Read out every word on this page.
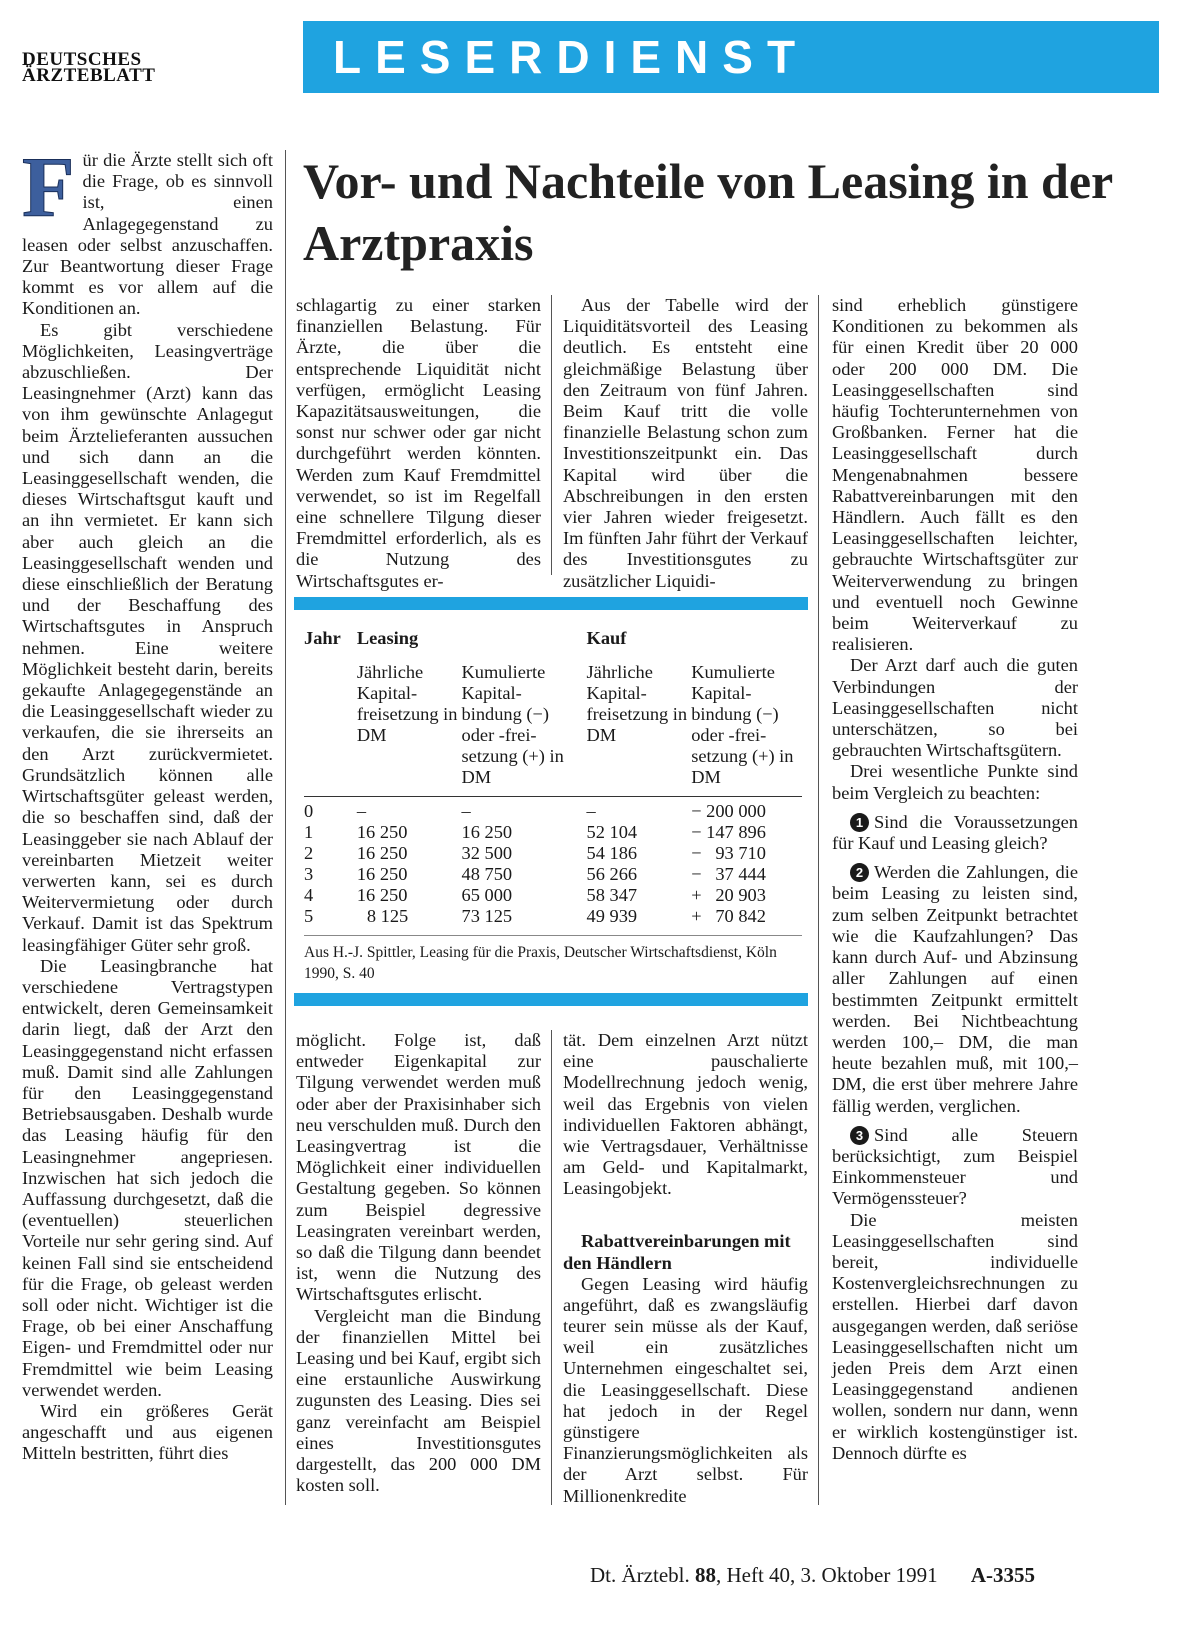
DEUTSCHES
ÄRZTEBLATT	LESERDIENST
Vor- und Nachteile von Leasing in der Arztpraxis

Für die Ärzte stellt sich oft die Frage, ob es sinnvoll ist, einen Anlagegegenstand zu leasen oder selbst anzuschaffen. Zur Beantwortung dieser Frage kommt es vor allem auf die Konditionen an.

Es gibt verschiedene Möglichkeiten, Leasingverträge abzuschließen. Der Leasingnehmer (Arzt) kann das von ihm gewünschte Anlagegut beim Ärztelieferanten aussuchen und sich dann an die Leasinggesellschaft wenden, die dieses Wirtschaftsgut kauft und an ihn vermietet. Er kann sich aber auch gleich an die Leasinggesellschaft wenden und diese einschließlich der Beratung und der Beschaffung des Wirtschaftsgutes in Anspruch nehmen. Eine weitere Möglichkeit besteht darin, bereits gekaufte Anlagegegenstände an die Leasinggesellschaft wieder zu verkaufen, die sie ihrerseits an den Arzt zurückvermietet. Grundsätzlich können alle Wirtschaftsgüter geleast werden, die so beschaffen sind, daß der Leasinggeber sie nach Ablauf der vereinbarten Mietzeit weiter verwerten kann, sei es durch Weitervermietung oder durch Verkauf. Damit ist das Spektrum leasingfähiger Güter sehr groß.

Die Leasingbranche hat verschiedene Vertragstypen entwickelt, deren Gemeinsamkeit darin liegt, daß der Arzt den Leasinggegenstand nicht erfassen muß. Damit sind alle Zahlungen für den Leasinggegenstand Betriebsausgaben. Deshalb wurde das Leasing häufig für den Leasingnehmer angepriesen. Inzwischen hat sich jedoch die Auffassung durchgesetzt, daß die (eventuellen) steuerlichen Vorteile nur sehr gering sind. Auf keinen Fall sind sie entscheidend für die Frage, ob geleast werden soll oder nicht. Wichtiger ist die Frage, ob bei einer Anschaffung Eigen- und Fremdmittel oder nur Fremdmittel wie beim Leasing verwendet werden.

Wird ein größeres Gerät angeschafft und aus eigenen Mitteln bestritten, führt dies

schlagartig zu einer starken finanziellen Belastung. Für Ärzte, die über die entsprechende Liquidität nicht verfügen, ermöglicht Leasing Kapazitätsausweitungen, die sonst nur schwer oder gar nicht durchgeführt werden könnten. Werden zum Kauf Fremdmittel verwendet, so ist im Regelfall eine schnellere Tilgung dieser Fremdmittel erforderlich, als es die Nutzung des Wirtschaftsgutes er-

Aus der Tabelle wird der Liquiditätsvorteil des Leasing deutlich. Es entsteht eine gleichmäßige Belastung über den Zeitraum von fünf Jahren. Beim Kauf tritt die volle finanzielle Belastung schon zum Investitionszeitpunkt ein. Das Kapital wird über die Abschreibungen in den ersten vier Jahren wieder freigesetzt. Im fünften Jahr führt der Verkauf des Investitionsgutes zu zusätzlicher Liquidi-

Jahr	Leasing		Kauf	
	Jährliche Kapital-freisetzung in DM	Kumulierte Kapital-bindung (−) oder -frei-setzung (+) in DM	Jährliche Kapital-freisetzung in DM	Kumulierte Kapital-bindung (−) oder -frei-setzung (+) in DM

0	–	–	–	− 200 000
1	16 250	16 250	52 104	− 147 896
2	16 250	32 500	54 186	−   93 710
3	16 250	48 750	56 266	−   37 444
4	16 250	65 000	58 347	+   20 903
5	8 125	73 125	49 939	+   70 842

Aus H.-J. Spittler, Leasing für die Praxis, Deutscher Wirtschaftsdienst, Köln 1990, S. 40				

möglicht. Folge ist, daß entweder Eigenkapital zur Tilgung verwendet werden muß oder aber der Praxisinhaber sich neu verschulden muß. Durch den Leasingvertrag ist die Möglichkeit einer individuellen Gestaltung gegeben. So können zum Beispiel degressive Leasingraten vereinbart werden, so daß die Tilgung dann beendet ist, wenn die Nutzung des Wirtschaftsgutes erlischt.

Vergleicht man die Bindung der finanziellen Mittel bei Leasing und bei Kauf, ergibt sich eine erstaunliche Auswirkung zugunsten des Leasing. Dies sei ganz vereinfacht am Beispiel eines Investitionsgutes dargestellt, das 200 000 DM kosten soll.

tät. Dem einzelnen Arzt nützt eine pauschalierte Modellrechnung jedoch wenig, weil das Ergebnis von vielen individuellen Faktoren abhängt, wie Vertragsdauer, Verhältnisse am Geld- und Kapitalmarkt, Leasingobjekt.

Rabattvereinbarungen mit den Händlern

Gegen Leasing wird häufig angeführt, daß es zwangsläufig teurer sein müsse als der Kauf, weil ein zusätzliches Unternehmen eingeschaltet sei, die Leasinggesellschaft. Diese hat jedoch in der Regel günstigere Finanzierungsmöglichkeiten als der Arzt selbst. Für Millionenkredite

sind erheblich günstigere Konditionen zu bekommen als für einen Kredit über 20 000 oder 200 000 DM. Die Leasinggesellschaften sind häufig Tochterunternehmen von Großbanken. Ferner hat die Leasinggesellschaft durch Mengenabnahmen bessere Rabattvereinbarungen mit den Händlern. Auch fällt es den Leasinggesellschaften leichter, gebrauchte Wirtschaftsgüter zur Weiterverwendung zu bringen und eventuell noch Gewinne beim Weiterverkauf zu realisieren.

Der Arzt darf auch die guten Verbindungen der Leasinggesellschaften nicht unterschätzen, so bei gebrauchten Wirtschaftsgütern.

Drei wesentliche Punkte sind beim Vergleich zu beachten:

1 Sind die Voraussetzungen für Kauf und Leasing gleich?

2 Werden die Zahlungen, die beim Leasing zu leisten sind, zum selben Zeitpunkt betrachtet wie die Kaufzahlungen? Das kann durch Auf- und Abzinsung aller Zahlungen auf einen bestimmten Zeitpunkt ermittelt werden. Bei Nichtbeachtung werden 100,– DM, die man heute bezahlen muß, mit 100,– DM, die erst über mehrere Jahre fällig werden, verglichen.

3 Sind alle Steuern berücksichtigt, zum Beispiel Einkommensteuer und Vermögenssteuer?

Die meisten Leasinggesellschaften sind bereit, individuelle Kostenvergleichsrechnungen zu erstellen. Hierbei darf davon ausgegangen werden, daß seriöse Leasinggesellschaften nicht um jeden Preis dem Arzt einen Leasinggegenstand andienen wollen, sondern nur dann, wenn er wirklich kostengünstiger ist. Dennoch dürfte es

Dt. Ärztebl. 88, Heft 40, 3. Oktober 1991 A-3355
